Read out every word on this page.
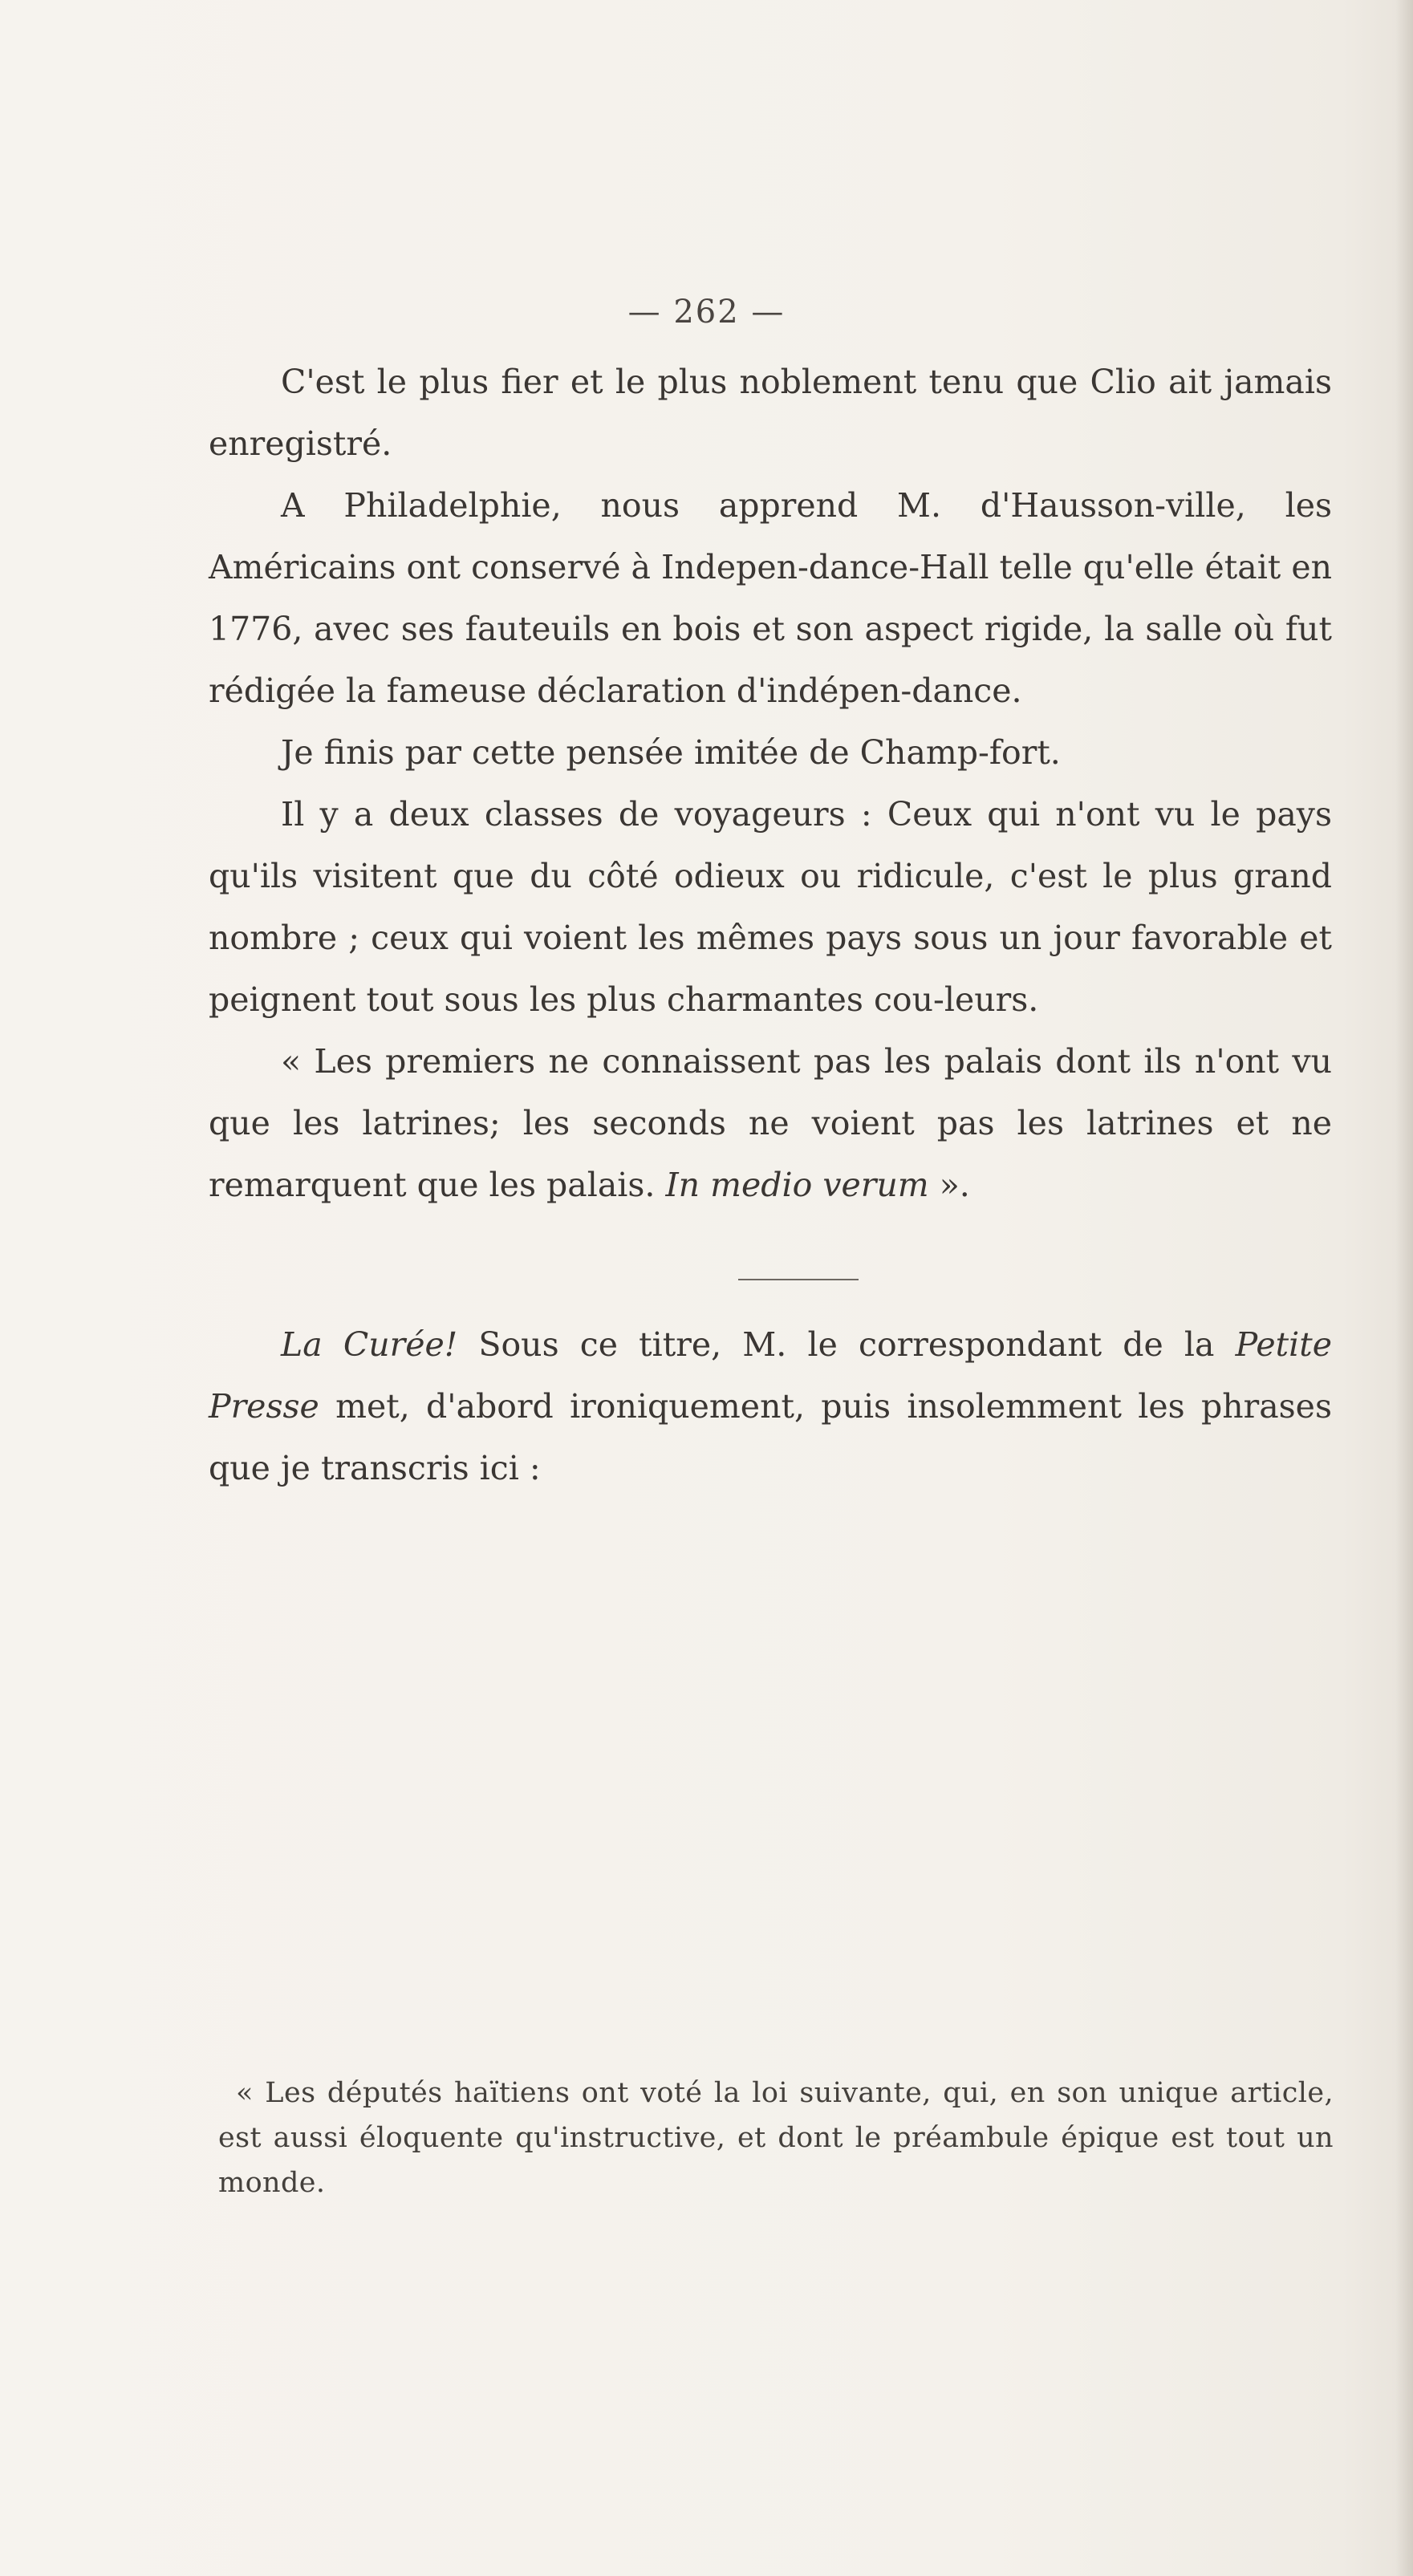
— 262 —

C'est le plus fier et le plus noblement tenu que Clio ait jamais enregistré.

A Philadelphie, nous apprend M. d'Hausson-ville, les Américains ont conservé à Indepen-dance-Hall telle qu'elle était en 1776, avec ses fauteuils en bois et son aspect rigide, la salle où fut rédigée la fameuse déclaration d'indépen-dance.

Je finis par cette pensée imitée de Champ-fort.

Il y a deux classes de voyageurs : Ceux qui n'ont vu le pays qu'ils visitent que du côté odieux ou ridicule, c'est le plus grand nombre ; ceux qui voient les mêmes pays sous un jour favorable et peignent tout sous les plus charmantes cou-leurs.

« Les premiers ne connaissent pas les palais dont ils n'ont vu que les latrines; les seconds ne voient pas les latrines et ne remarquent que les palais. In medio verum ».

La Curée! Sous ce titre, M. le correspondant de la Petite Presse met, d'abord ironiquement, puis insolemment les phrases que je transcris ici :

« Les députés haïtiens ont voté la loi suivante, qui, en son unique article, est aussi éloquente qu'instructive, et dont le préambule épique est tout un monde.
